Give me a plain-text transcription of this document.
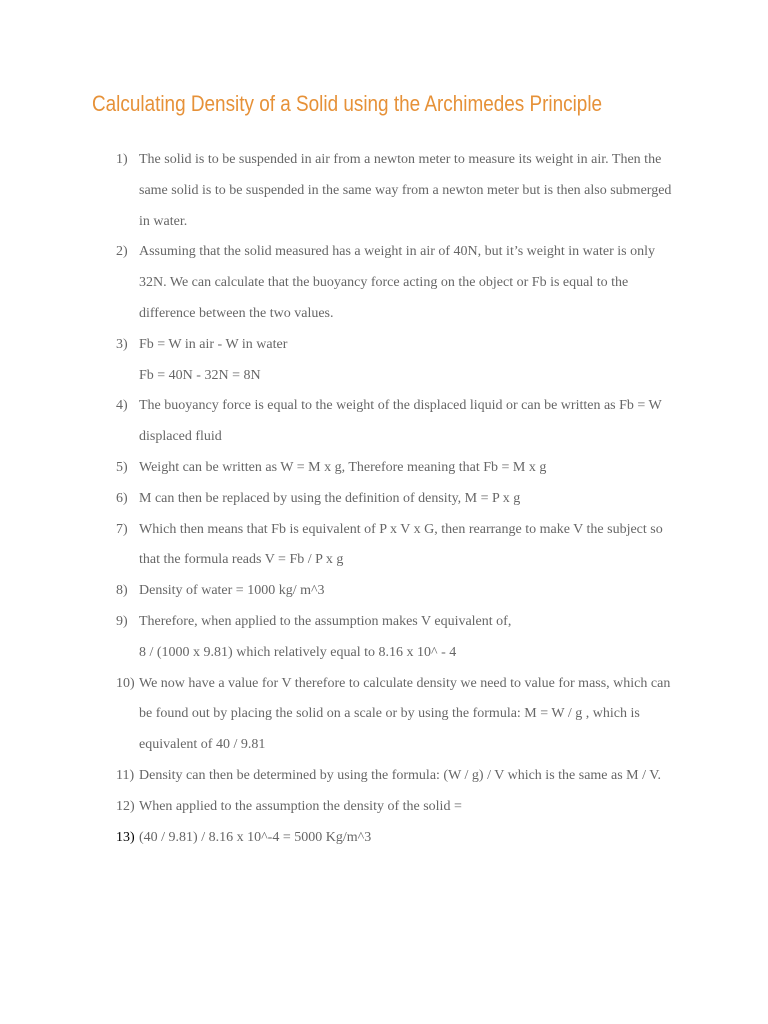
Calculating Density of a Solid using the Archimedes Principle
1) The solid is to be suspended in air from a newton meter to measure its weight in air. Then the same solid is to be suspended in the same way from a newton meter but is then also submerged in water.
2) Assuming that the solid measured has a weight in air of 40N, but it’s weight in water is only 32N. We can calculate that the buoyancy force acting on the object or Fb is equal to the difference between the two values.
3) Fb = W in air - W in water
Fb = 40N - 32N = 8N
4) The buoyancy force is equal to the weight of the displaced liquid or can be written as Fb = W displaced fluid
5) Weight can be written as W = M x g, Therefore meaning that Fb = M x g
6) M can then be replaced by using the definition of density, M = P x g
7) Which then means that Fb is equivalent of P x V x G, then rearrange to make V the subject so that the formula reads V = Fb / P x g
8) Density of water = 1000 kg/ m^3
9) Therefore, when applied to the assumption makes V equivalent of,
8 / (1000 x 9.81) which relatively equal to 8.16 x 10^ - 4
10) We now have a value for V therefore to calculate density we need to value for mass, which can be found out by placing the solid on a scale or by using the formula: M = W / g , which is equivalent of 40 / 9.81
11) Density can then be determined by using the formula: (W / g) / V which is the same as M / V.
12) When applied to the assumption the density of the solid =
13) (40 / 9.81) / 8.16 x 10^-4 = 5000 Kg/m^3
